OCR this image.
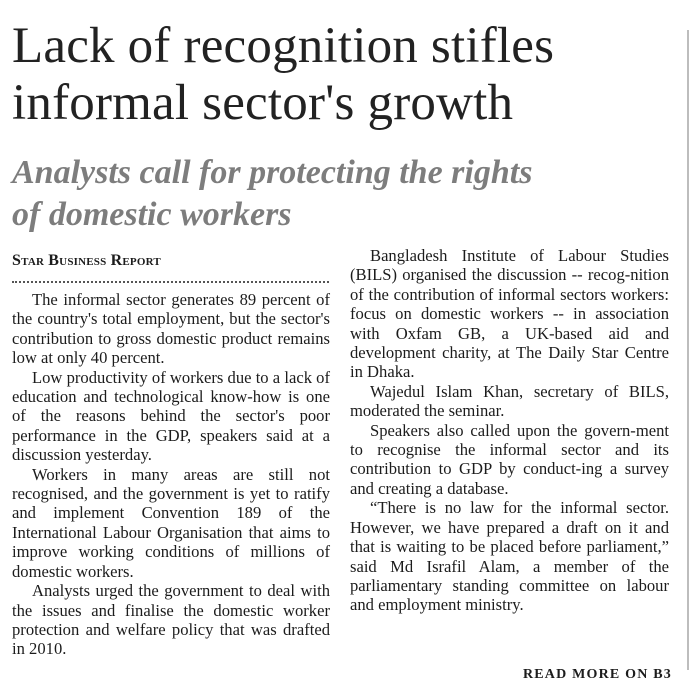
Lack of recognition stifles
informal sector's growth
Analysts call for protecting the rights
of domestic workers
Star Business Report

The informal sector generates 89 percent of the country's total employment, but the sector's contribution to gross domestic product remains low at only 40 percent.

Low productivity of workers due to a lack of education and technological know-how is one of the reasons behind the sector's poor performance in the GDP, speakers said at a discussion yesterday.

Workers in many areas are still not recognised, and the government is yet to ratify and implement Convention 189 of the International Labour Organisation that aims to improve working conditions of millions of domestic workers.

Analysts urged the government to deal with the issues and finalise the domestic worker protection and welfare policy that was drafted in 2010.

Bangladesh Institute of Labour Studies (BILS) organised the discussion -- recog-nition of the contribution of informal sectors workers: focus on domestic workers -- in association with Oxfam GB, a UK-based aid and development charity, at The Daily Star Centre in Dhaka.

Wajedul Islam Khan, secretary of BILS, moderated the seminar.

Speakers also called upon the govern-ment to recognise the informal sector and its contribution to GDP by conduct-ing a survey and creating a database.

“There is no law for the informal sector. However, we have prepared a draft on it and that is waiting to be placed before parliament,” said Md Israfil Alam, a member of the parliamentary standing committee on labour and employment ministry.

READ MORE ON B3
